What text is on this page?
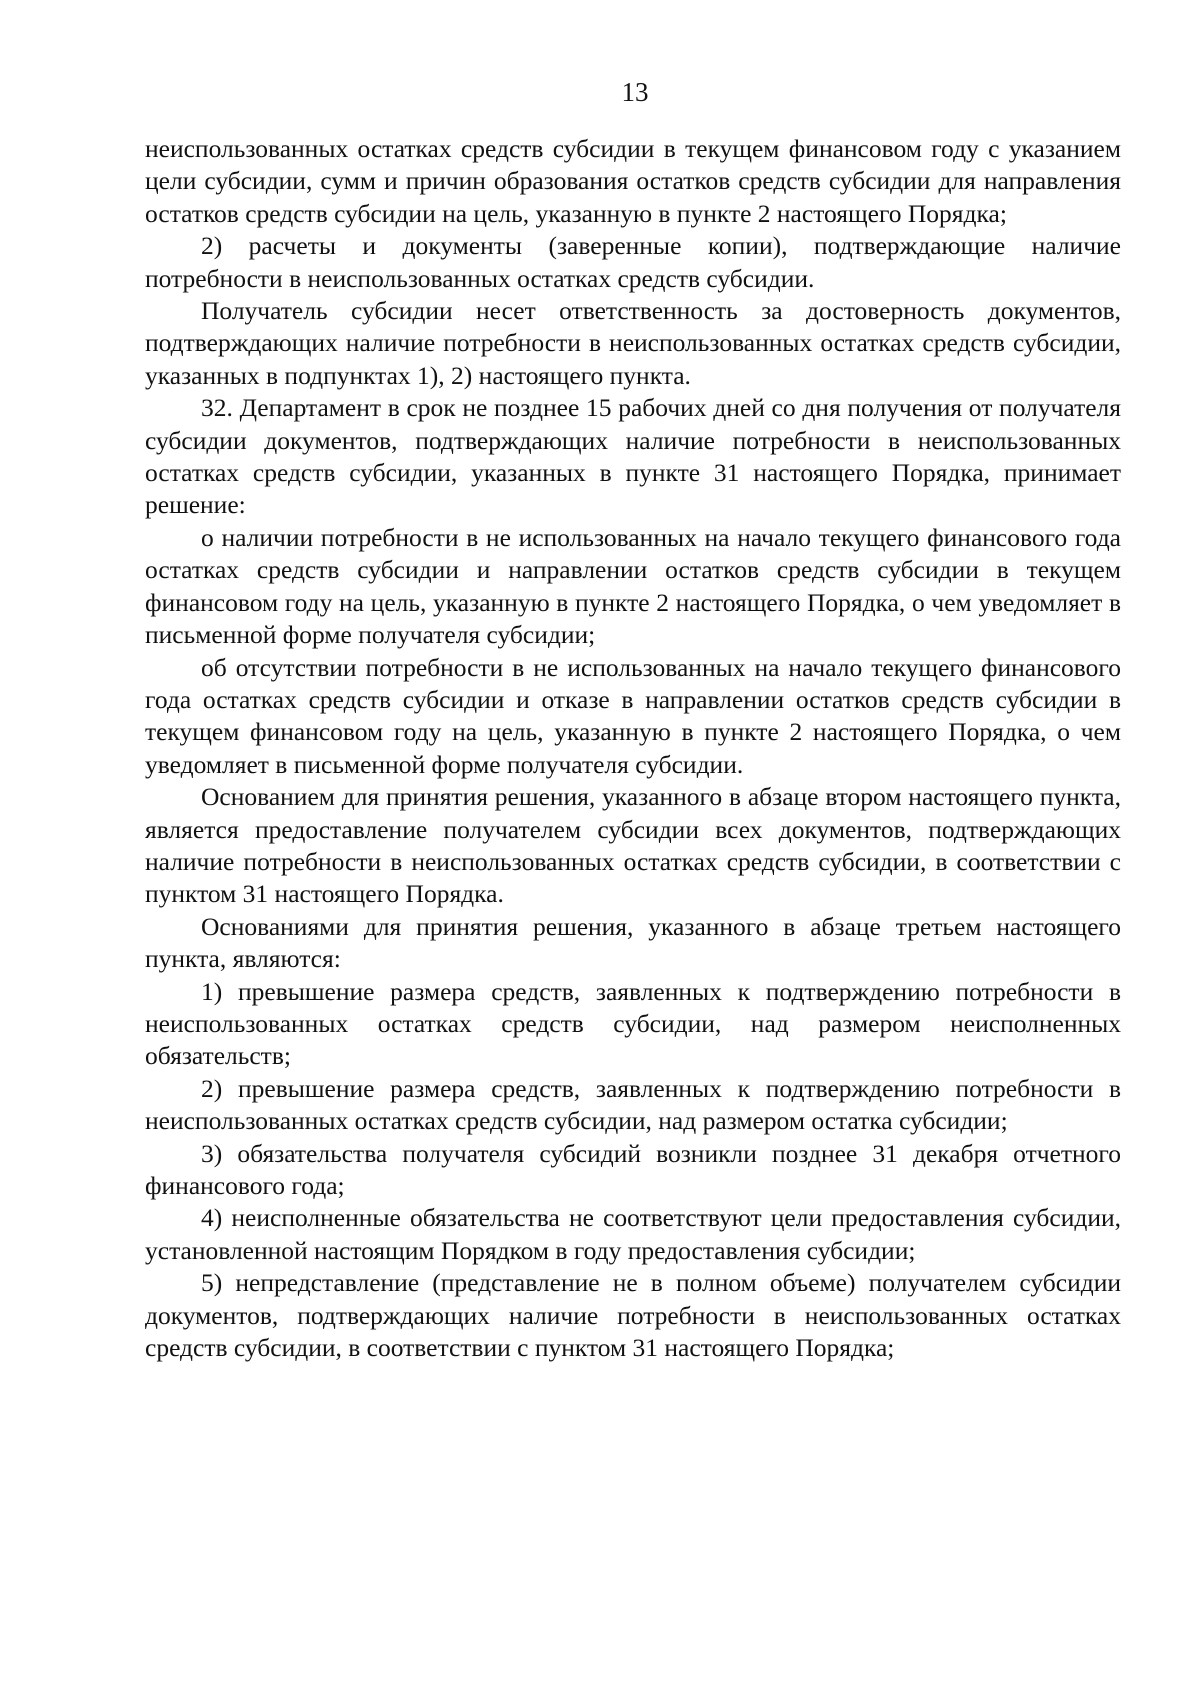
13

неиспользованных остатках средств субсидии в текущем финансовом году с указанием цели субсидии, сумм и причин образования остатков средств субсидии для направления остатков средств субсидии на цель, указанную в пункте 2 настоящего Порядка;

2) расчеты и документы (заверенные копии), подтверждающие наличие потребности в неиспользованных остатках средств субсидии.

Получатель субсидии несет ответственность за достоверность документов, подтверждающих наличие потребности в неиспользованных остатках средств субсидии, указанных в подпунктах 1), 2) настоящего пункта.

32. Департамент в срок не позднее 15 рабочих дней со дня получения от получателя субсидии документов, подтверждающих наличие потребности в неиспользованных остатках средств субсидии, указанных в пункте 31 настоящего Порядка, принимает решение:

о наличии потребности в не использованных на начало текущего финансового года остатках средств субсидии и направлении остатков средств субсидии в текущем финансовом году на цель, указанную в пункте 2 настоящего Порядка, о чем уведомляет в письменной форме получателя субсидии;

об отсутствии потребности в не использованных на начало текущего финансового года остатках средств субсидии и отказе в направлении остатков средств субсидии в текущем финансовом году на цель, указанную в пункте 2 настоящего Порядка, о чем уведомляет в письменной форме получателя субсидии.

Основанием для принятия решения, указанного в абзаце втором настоящего пункта, является предоставление получателем субсидии всех документов, подтверждающих наличие потребности в неиспользованных остатках средств субсидии, в соответствии с пунктом 31 настоящего Порядка.

Основаниями для принятия решения, указанного в абзаце третьем настоящего пункта, являются:

1) превышение размера средств, заявленных к подтверждению потребности в неиспользованных остатках средств субсидии, над размером неисполненных обязательств;

2) превышение размера средств, заявленных к подтверждению потребности в неиспользованных остатках средств субсидии, над размером остатка субсидии;

3) обязательства получателя субсидий возникли позднее 31 декабря отчетного финансового года;

4) неисполненные обязательства не соответствуют цели предоставления субсидии, установленной настоящим Порядком в году предоставления субсидии;

5) непредставление (представление не в полном объеме) получателем субсидии документов, подтверждающих наличие потребности в неиспользованных остатках средств субсидии, в соответствии с пунктом 31 настоящего Порядка;
